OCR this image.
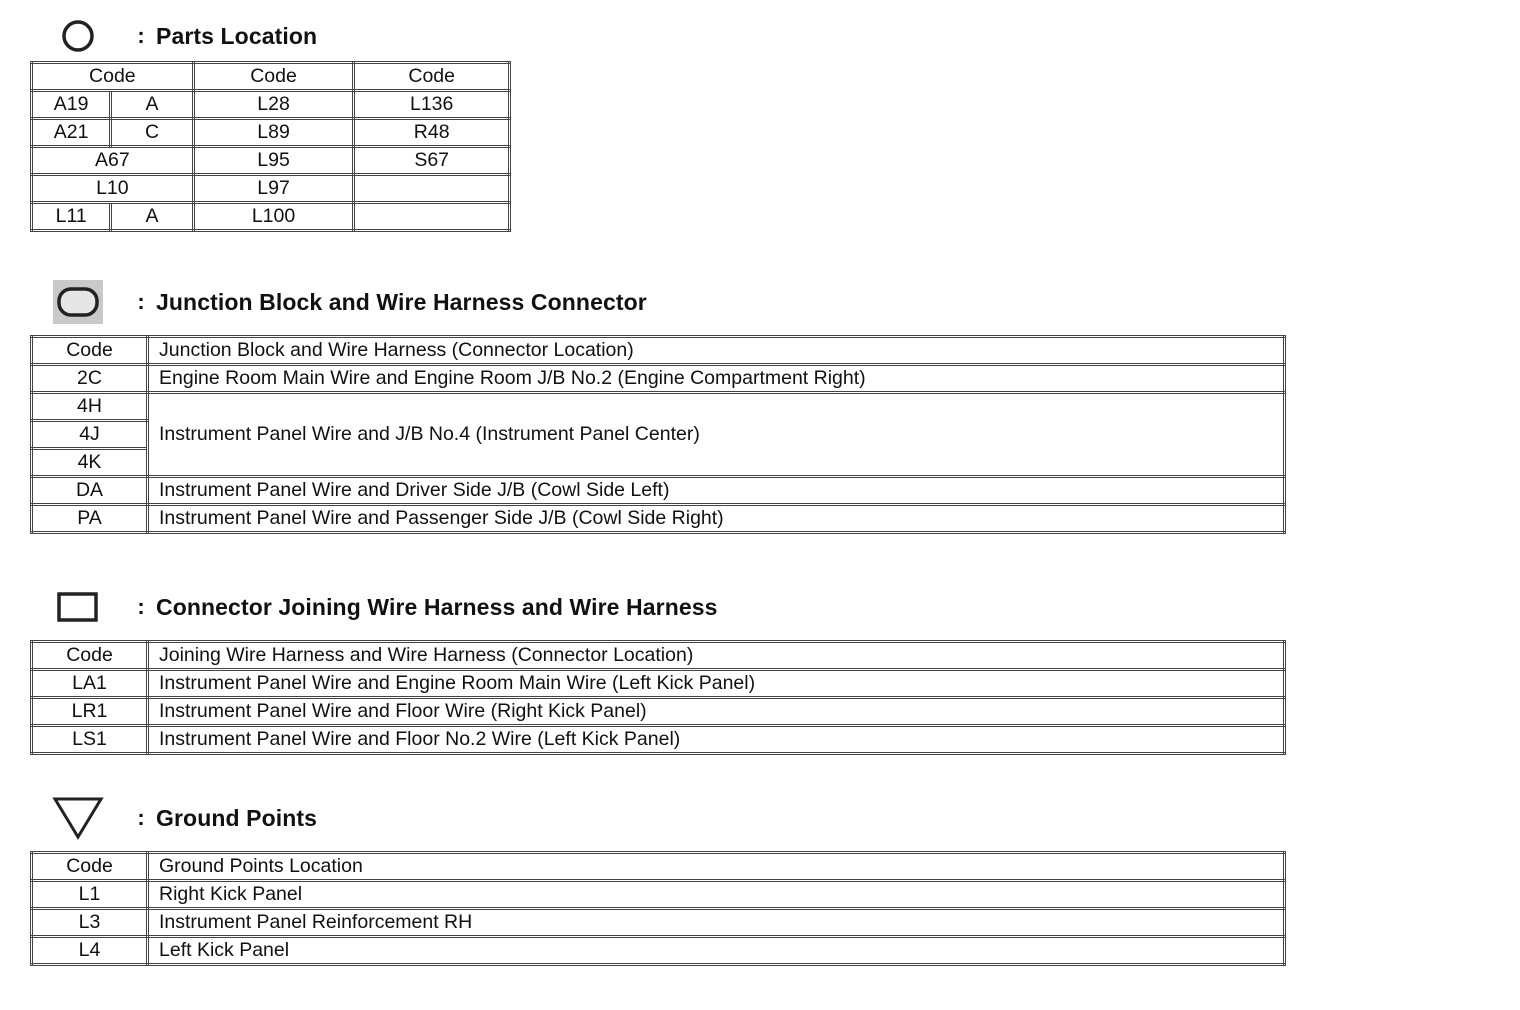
: Parts Location
Code		Code	Code
A19	A	L28	L136
A21	C	L89	R48
A67		L95	S67
L10		L97	
L11	A	L100	
: Junction Block and Wire Harness Connector
Code	Junction Block and Wire Harness (Connector Location)
2C	Engine Room Main Wire and Engine Room J/B No.2 (Engine Compartment Right)
4H	Instrument Panel Wire and J/B No.4 (Instrument Panel Center)
4J	
4K	
DA	Instrument Panel Wire and Driver Side J/B (Cowl Side Left)
PA	Instrument Panel Wire and Passenger Side J/B (Cowl Side Right)
: Connector Joining Wire Harness and Wire Harness
Code	Joining Wire Harness and Wire Harness (Connector Location)
LA1	Instrument Panel Wire and Engine Room Main Wire (Left Kick Panel)
LR1	Instrument Panel Wire and Floor Wire (Right Kick Panel)
LS1	Instrument Panel Wire and Floor No.2 Wire (Left Kick Panel)
: Ground Points
Code	Ground Points Location
L1	Right Kick Panel
L3	Instrument Panel Reinforcement RH
L4	Left Kick Panel
